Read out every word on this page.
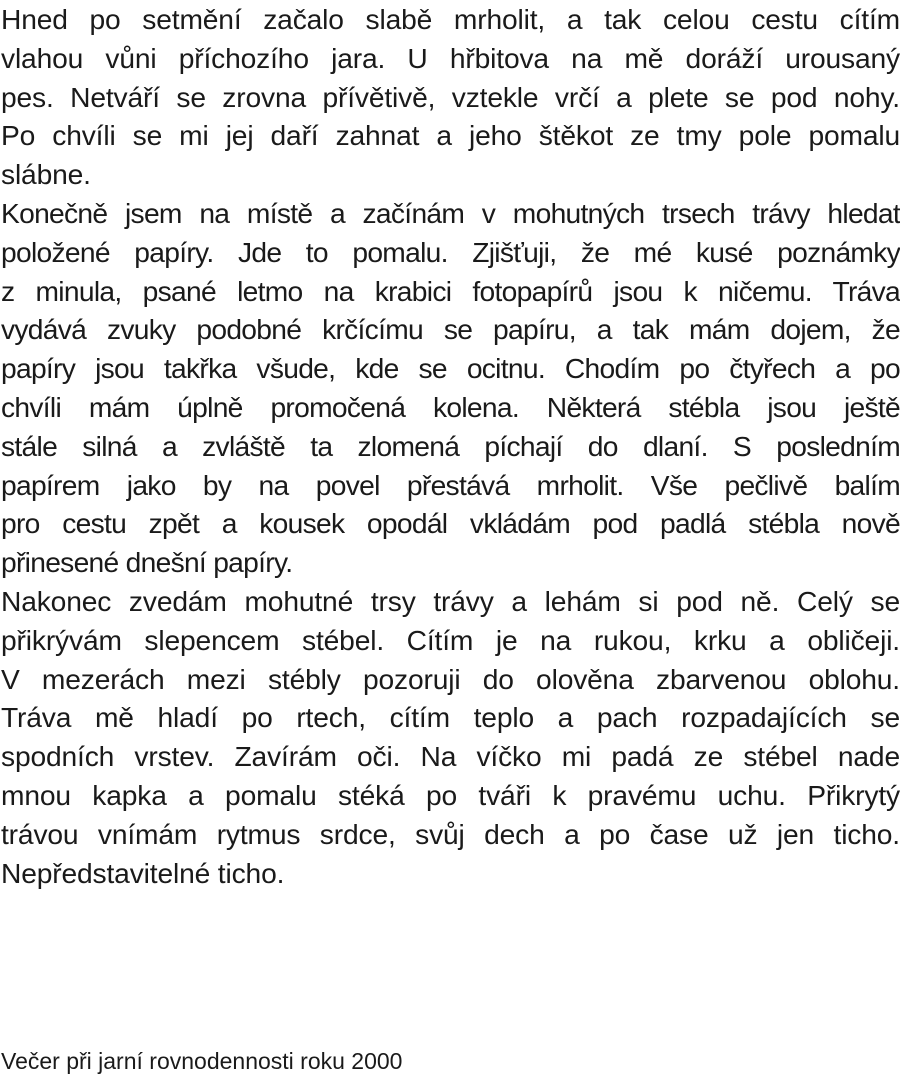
Hned po setmění začalo slabě mrholit, a tak celou cestu cítím
vlahou vůni příchozího jara. U hřbitova na mě doráží urousaný
pes. Netváří se zrovna přívětivě, vztekle vrčí a plete se pod nohy.
Po chvíli se mi jej daří zahnat a jeho štěkot ze tmy pole pomalu
slábne.

Konečně jsem na místě a začínám v mohutných trsech trávy hledat
položené papíry. Jde to pomalu. Zjišťuji, že mé kusé poznámky
z minula, psané letmo na krabici fotopapírů jsou k ničemu. Tráva
vydává zvuky podobné krčícímu se papíru, a tak mám dojem, že
papíry jsou takřka všude, kde se ocitnu. Chodím po čtyřech a po
chvíli mám úplně promočená kolena. Některá stébla jsou ještě
stále silná a zvláště ta zlomená píchají do dlaní. S posledním
papírem jako by na povel přestává mrholit. Vše pečlivě balím
pro cestu zpět a kousek opodál vkládám pod padlá stébla nově
přinesené dnešní papíry.

Nakonec zvedám mohutné trsy trávy a lehám si pod ně. Celý se
přikrývám slepencem stébel. Cítím je na rukou, krku a obličeji.
V mezerách mezi stébly pozoruji do olověna zbarvenou oblohu.
Tráva mě hladí po rtech, cítím teplo a pach rozpadajících se
spodních vrstev. Zavírám oči. Na víčko mi padá ze stébel nade
mnou kapka a pomalu stéká po tváři k pravému uchu. Přikrytý
trávou vnímám rytmus srdce, svůj dech a po čase už jen ticho.
Nepředstavitelné ticho.

Večer při jarní rovnodennosti roku 2000
